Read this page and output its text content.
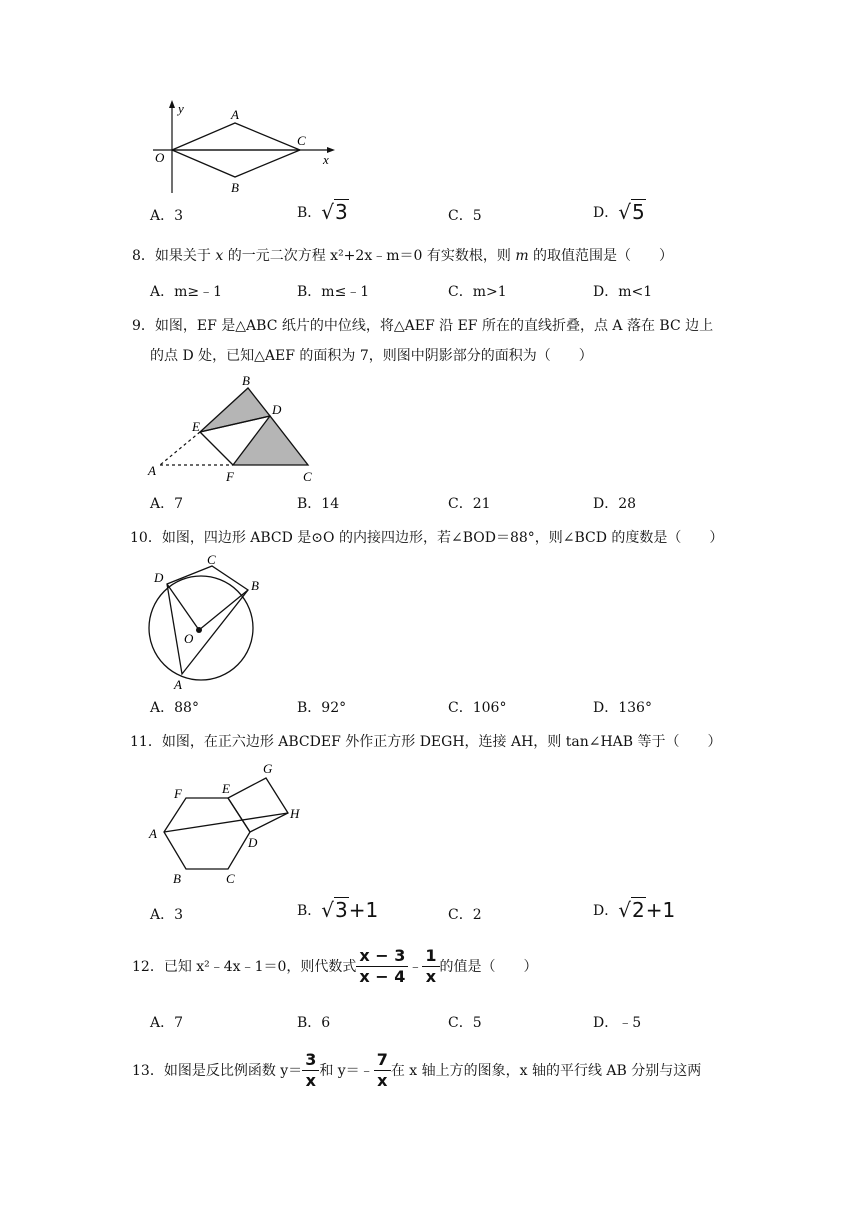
y
x
O
A
B
C
A．3	B．√3	C．5	D．√5
8．如果关于 x 的一元二次方程 x²+2x﹣m＝0 有实数根，则 m 的取值范围是（　　）
A．m≥﹣1	B．m≤﹣1	C．m>1	D．m<1
9．如图，EF 是△ABC 纸片的中位线，将△AEF 沿 EF 所在的直线折叠，点 A 落在 BC 边上
的点 D 处，已知△AEF 的面积为 7，则图中阴影部分的面积为（　　）
B
D
E
A	F	C
A．7	B．14	C．21	D．28
10．如图，四边形 ABCD 是⊙O 的内接四边形，若∠BOD＝88°，则∠BCD 的度数是（　　）
C
D
B
O
A
A．88°	B．92°	C．106°	D．136°
11．如图，在正六边形 ABCDEF 外作正方形 DEGH，连接 AH，则 tan∠HAB 等于（　　）
F	E
G
H
A
D
B	C
A．3	B．√3+1	C．2	D．√2+1
12．已知 x²﹣4x﹣1＝0，则代数式 $\frac{x - 3}{x - 4}$ ﹣ $\frac{1}{x}$ 的值是（　　）
A．7	B．6	C．5	D．﹣5
13．如图是反比例函数 $y= \frac{3}{x}$ 和 y＝﹣ $\frac{7}{x}$ 在 x 轴上方的图象，x 轴的平行线 AB 分别与这两
